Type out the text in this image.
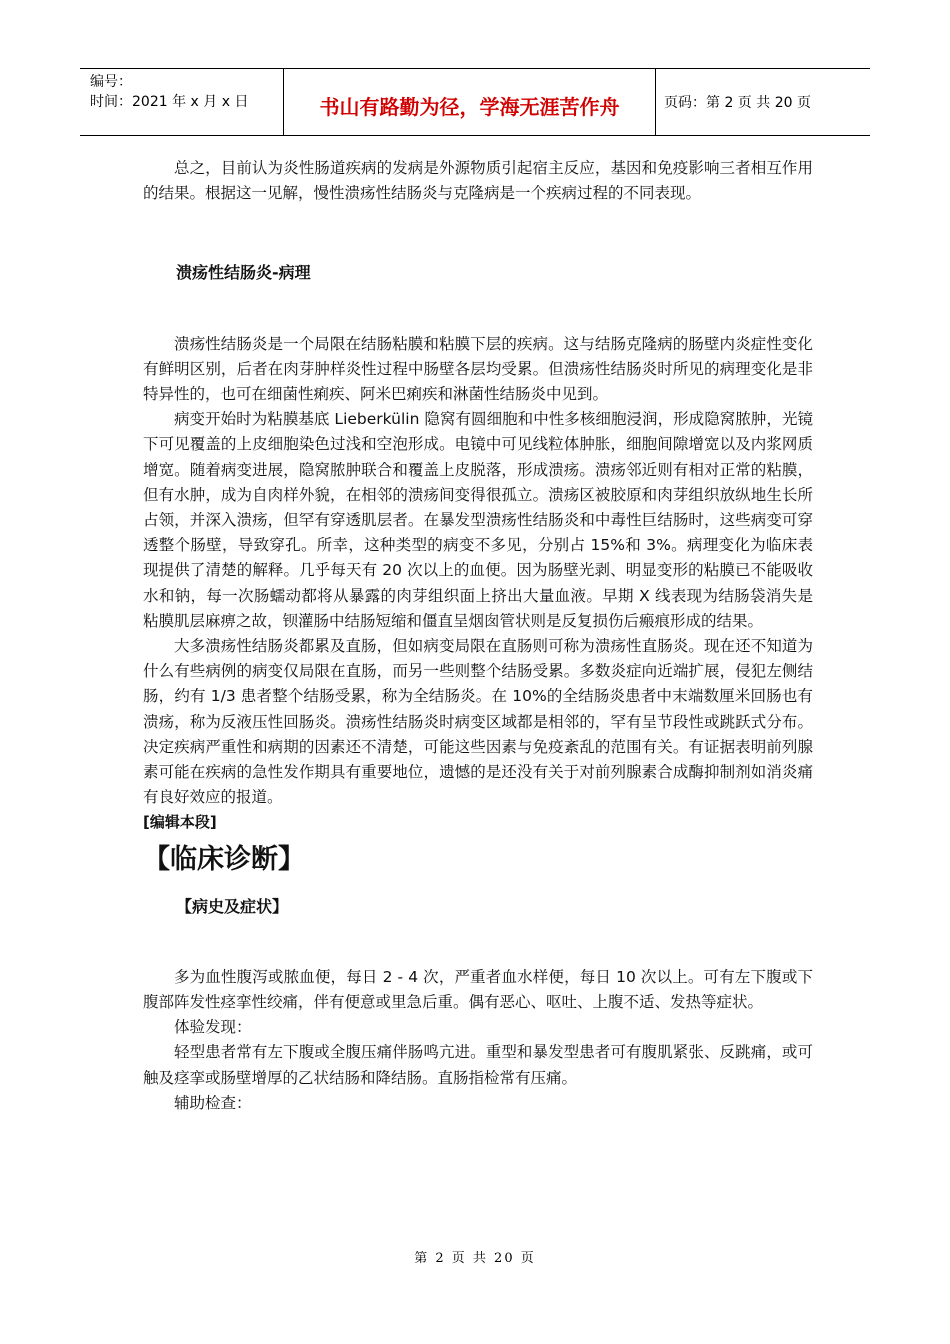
编号：
时间：2021 年 x 月 x 日	书山有路勤为径，学海无涯苦作舟	页码：第 2 页 共 20 页

总之，目前认为炎性肠道疾病的发病是外源物质引起宿主反应，基因和免疫影响三者相互作用的结果。根据这一见解，慢性溃疡性结肠炎与克隆病是一个疾病过程的不同表现。

溃疡性结肠炎-病理

溃疡性结肠炎是一个局限在结肠粘膜和粘膜下层的疾病。这与结肠克隆病的肠壁内炎症性变化有鲜明区别，后者在肉芽肿样炎性过程中肠壁各层均受累。但溃疡性结肠炎时所见的病理变化是非特异性的，也可在细菌性痢疾、阿米巴痢疾和淋菌性结肠炎中见到。

病变开始时为粘膜基底 Lieberkülin 隐窝有圆细胞和中性多核细胞浸润，形成隐窝脓肿，光镜下可见覆盖的上皮细胞染色过浅和空泡形成。电镜中可见线粒体肿胀，细胞间隙增宽以及内浆网质增宽。随着病变进展，隐窝脓肿联合和覆盖上皮脱落，形成溃疡。溃疡邻近则有相对正常的粘膜，但有水肿，成为自肉样外貌，在相邻的溃疡间变得很孤立。溃疡区被胶原和肉芽组织放纵地生长所占领，并深入溃疡，但罕有穿透肌层者。在暴发型溃疡性结肠炎和中毒性巨结肠时，这些病变可穿透整个肠壁，导致穿孔。所幸，这种类型的病变不多见，分别占 15%和 3%。病理变化为临床表现提供了清楚的解释。几乎每天有 20 次以上的血便。因为肠壁光剥、明显变形的粘膜已不能吸收水和钠，每一次肠蠕动都将从暴露的肉芽组织面上挤出大量血液。早期 X 线表现为结肠袋消失是粘膜肌层麻痹之故，钡灌肠中结肠短缩和僵直呈烟囱管状则是反复损伤后瘢痕形成的结果。

大多溃疡性结肠炎都累及直肠，但如病变局限在直肠则可称为溃疡性直肠炎。现在还不知道为什么有些病例的病变仅局限在直肠，而另一些则整个结肠受累。多数炎症向近端扩展，侵犯左侧结肠，约有 1/3 患者整个结肠受累，称为全结肠炎。在 10%的全结肠炎患者中末端数厘米回肠也有溃疡，称为反液压性回肠炎。溃疡性结肠炎时病变区域都是相邻的，罕有呈节段性或跳跃式分布。决定疾病严重性和病期的因素还不清楚，可能这些因素与免疫紊乱的范围有关。有证据表明前列腺素可能在疾病的急性发作期具有重要地位，遗憾的是还没有关于对前列腺素合成酶抑制剂如消炎痛有良好效应的报道。

[编辑本段]
【临床诊断】
【病史及症状】

多为血性腹泻或脓血便，每日 2 - 4 次，严重者血水样便，每日 10 次以上。可有左下腹或下腹部阵发性痉挛性绞痛，伴有便意或里急后重。偶有恶心、呕吐、上腹不适、发热等症状。

体验发现：

轻型患者常有左下腹或全腹压痛伴肠鸣亢进。重型和暴发型患者可有腹肌紧张、反跳痛，或可触及痉挛或肠壁增厚的乙状结肠和降结肠。直肠指检常有压痛。

辅助检查：

第 2 页 共 20 页
